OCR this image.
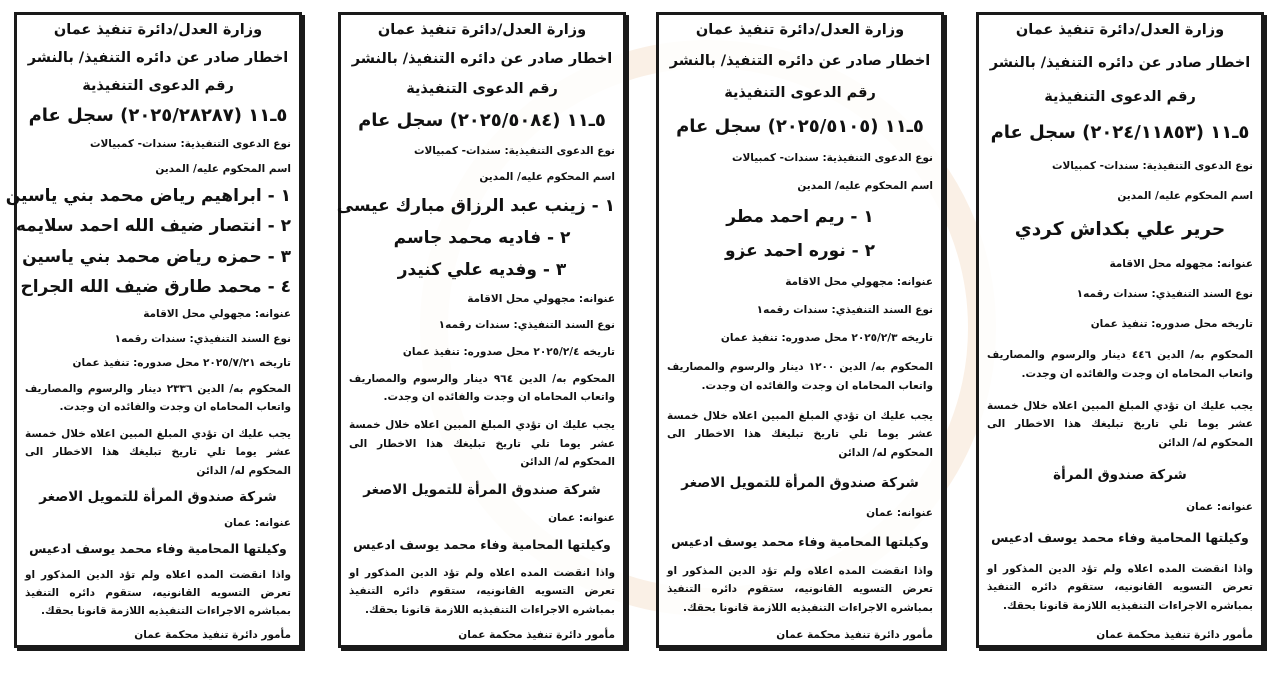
وزارة العدل/دائرة تنفيذ عمان
اخطار صادر عن دائره التنفيذ/ بالنشر
رقم الدعوى التنفيذية
٥ـ١١ (٢٠٢٥/٢٨٢٨٧) سجل عام
نوع الدعوى التنفيذية: سندات- كمبيالات
اسم المحكوم عليه/ المدين
١ - ابراهيم رياض محمد بني ياسين
٢ - انتصار ضيف الله احمد سلايمه
٣ - حمزه رياض محمد بني ياسين
٤ - محمد طارق ضيف الله الجراح
عنوانه: مجهولي محل الاقامة
نوع السند التنفيذي: سندات رقمه١
تاريخه ٢٠٢٥/٧/٢١ محل صدوره: تنفيذ عمان
المحكوم به/ الدين ٢٣٣٦ دينار والرسوم والمصاريف واتعاب المحاماه ان وجدت والفائده ان وجدت.
يجب عليك ان تؤدي المبلغ المبين اعلاه خلال خمسة عشر يوما تلي تاريخ تبليغك هذا الاخطار الى المحكوم له/ الدائن
شركة صندوق المرأة للتمويل الاصغر
عنوانه: عمان
وكيلتها المحامية وفاء محمد يوسف ادعيس
واذا انقضت المده اعلاه ولم تؤد الدين المذكور او تعرض التسويه القانونيه، ستقوم دائره التنفيذ بمباشره الاجراءات التنفيذيه اللازمة قانونا بحقك.
مأمور دائرة تنفيذ محكمة عمان
وزارة العدل/دائرة تنفيذ عمان
اخطار صادر عن دائره التنفيذ/ بالنشر
رقم الدعوى التنفيذية
٥ـ١١ (٢٠٢٥/٥٠٨٤) سجل عام
نوع الدعوى التنفيذية: سندات- كمبيالات
اسم المحكوم عليه/ المدين
١ - زينب عبد الرزاق مبارك عيسى
٢ - فاديه محمد جاسم
٣ - وفديه علي كنيدر
عنوانه: مجهولي محل الاقامة
نوع السند التنفيذي: سندات رقمه١
تاريخه ٢٠٢٥/٢/٤ محل صدوره: تنفيذ عمان
المحكوم به/ الدين ٩٦٤ دينار والرسوم والمصاريف واتعاب المحاماه ان وجدت والفائده ان وجدت.
يجب عليك ان تؤدي المبلغ المبين اعلاه خلال خمسة عشر يوما تلي تاريخ تبليغك هذا الاخطار الى المحكوم له/ الدائن
شركة صندوق المرأة للتمويل الاصغر
عنوانه: عمان
وكيلتها المحامية وفاء محمد يوسف ادعيس
واذا انقضت المده اعلاه ولم تؤد الدين المذكور او تعرض التسويه القانونيه، ستقوم دائره التنفيذ بمباشره الاجراءات التنفيذيه اللازمة قانونا بحقك.
مأمور دائرة تنفيذ محكمة عمان
وزارة العدل/دائرة تنفيذ عمان
اخطار صادر عن دائره التنفيذ/ بالنشر
رقم الدعوى التنفيذية
٥ـ١١ (٢٠٢٥/٥١٠٥) سجل عام
نوع الدعوى التنفيذية: سندات- كمبيالات
اسم المحكوم عليه/ المدين
١ - ريم احمد مطر
٢ - نوره احمد عزو
عنوانه: مجهولي محل الاقامة
نوع السند التنفيذي: سندات رقمه١
تاريخه ٢٠٢٥/٢/٣ محل صدوره: تنفيذ عمان
المحكوم به/ الدين ١٢٠٠ دينار والرسوم والمصاريف واتعاب المحاماه ان وجدت والفائده ان وجدت.
يجب عليك ان تؤدي المبلغ المبين اعلاه خلال خمسة عشر يوما تلي تاريخ تبليغك هذا الاخطار الى المحكوم له/ الدائن
شركة صندوق المرأة للتمويل الاصغر
عنوانه: عمان
وكيلتها المحامية وفاء محمد يوسف ادعيس
واذا انقضت المده اعلاه ولم تؤد الدين المذكور او تعرض التسويه القانونيه، ستقوم دائره التنفيذ بمباشره الاجراءات التنفيذيه اللازمة قانونا بحقك.
مأمور دائرة تنفيذ محكمة عمان
وزارة العدل/دائرة تنفيذ عمان
اخطار صادر عن دائره التنفيذ/ بالنشر
رقم الدعوى التنفيذية
٥ـ١١ (٢٠٢٤/١١٨٥٣) سجل عام
نوع الدعوى التنفيذية: سندات- كمبيالات
اسم المحكوم عليه/ المدين
حرير علي بكداش كردي
عنوانه: مجهوله محل الاقامة
نوع السند التنفيذي: سندات رقمه١
تاريخه محل صدوره: تنفيذ عمان
المحكوم به/ الدين ٤٤٦ دينار والرسوم والمصاريف واتعاب المحاماه ان وجدت والفائده ان وجدت.
يجب عليك ان تؤدي المبلغ المبين اعلاه خلال خمسة عشر يوما تلي تاريخ تبليغك هذا الاخطار الى المحكوم له/ الدائن
شركة صندوق المرأة
عنوانه: عمان
وكيلتها المحامية وفاء محمد يوسف ادعيس
واذا انقضت المده اعلاه ولم تؤد الدين المذكور او تعرض التسويه القانونيه، ستقوم دائره التنفيذ بمباشره الاجراءات التنفيذيه اللازمة قانونا بحقك.
مأمور دائرة تنفيذ محكمة عمان
